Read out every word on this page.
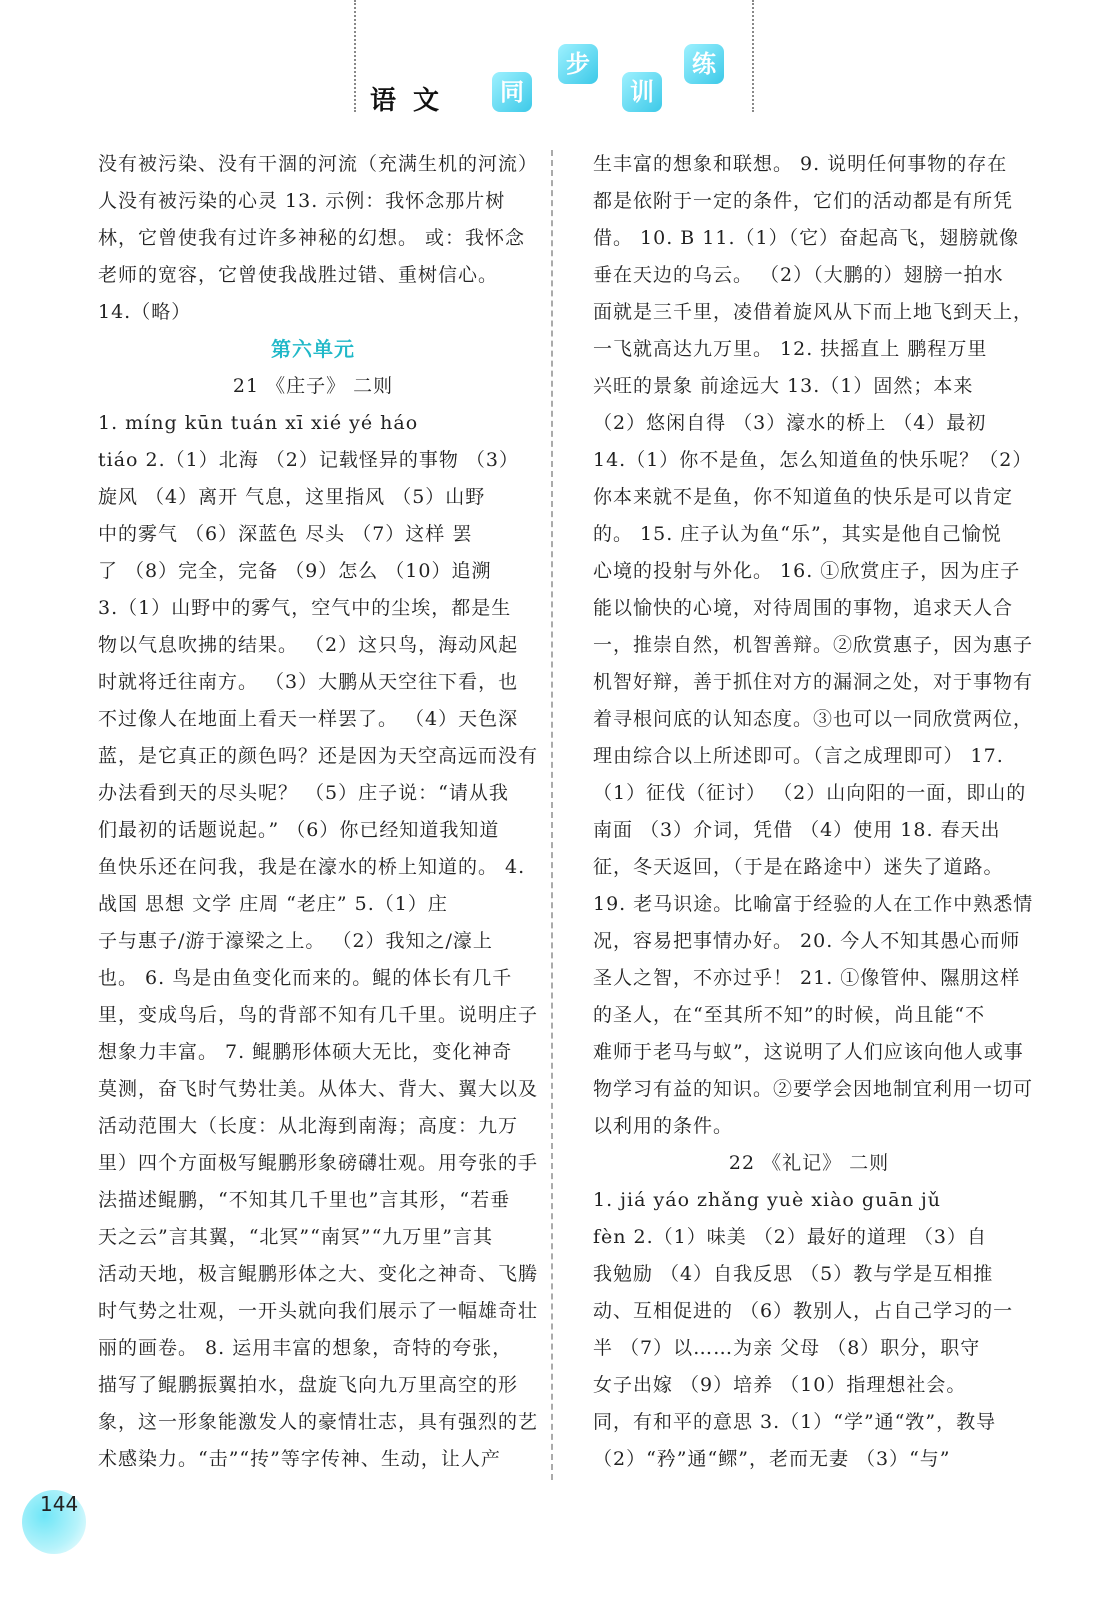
语 文	同
步
训
练
没有被污染、没有干涸的河流（充满生机的河流）
人没有被污染的心灵 13. 示例：我怀念那片树
林，它曾使我有过许多神秘的幻想。 或：我怀念
老师的宽容，它曾使我战胜过错、重树信心。
14.（略）
第六单元
21 《庄子》 二则
1. míng kūn tuán xī xié yé háo
tiáo 2.（1）北海 （2）记载怪异的事物 （3）
旋风 （4）离开 气息，这里指风 （5）山野
中的雾气 （6）深蓝色 尽头 （7）这样 罢
了 （8）完全，完备 （9）怎么 （10）追溯
3.（1）山野中的雾气，空气中的尘埃，都是生
物以气息吹拂的结果。 （2）这只鸟，海动风起
时就将迁往南方。 （3）大鹏从天空往下看，也
不过像人在地面上看天一样罢了。 （4）天色深
蓝，是它真正的颜色吗？还是因为天空高远而没有
办法看到天的尽头呢？ （5）庄子说：“请从我
们最初的话题说起。” （6）你已经知道我知道
鱼快乐还在问我，我是在濠水的桥上知道的。 4.
战国 思想 文学 庄周 “老庄” 5.（1）庄
子与惠子/游于濠梁之上。 （2）我知之/濠上
也。 6. 鸟是由鱼变化而来的。鲲的体长有几千
里，变成鸟后，鸟的背部不知有几千里。说明庄子
想象力丰富。 7. 鲲鹏形体硕大无比，变化神奇
莫测，奋飞时气势壮美。从体大、背大、翼大以及
活动范围大（长度：从北海到南海；高度：九万
里）四个方面极写鲲鹏形象磅礴壮观。用夸张的手
法描述鲲鹏，“不知其几千里也”言其形，“若垂
天之云”言其翼，“北冥”“南冥”“九万里”言其
活动天地，极言鲲鹏形体之大、变化之神奇、飞腾
时气势之壮观，一开头就向我们展示了一幅雄奇壮
丽的画卷。 8. 运用丰富的想象，奇特的夸张，
描写了鲲鹏振翼拍水，盘旋飞向九万里高空的形
象，这一形象能激发人的豪情壮志，具有强烈的艺
术感染力。“击”“抟”等字传神、生动，让人产
生丰富的想象和联想。 9. 说明任何事物的存在
都是依附于一定的条件，它们的活动都是有所凭
借。 10. B 11.（1）（它）奋起高飞，翅膀就像
垂在天边的乌云。 （2）（大鹏的）翅膀一拍水
面就是三千里，凌借着旋风从下而上地飞到天上，
一飞就高达九万里。 12. 扶摇直上 鹏程万里
兴旺的景象 前途远大 13.（1）固然；本来
（2）悠闲自得 （3）濠水的桥上 （4）最初
14.（1）你不是鱼，怎么知道鱼的快乐呢？（2）
你本来就不是鱼，你不知道鱼的快乐是可以肯定
的。 15. 庄子认为鱼“乐”，其实是他自己愉悦
心境的投射与外化。 16. ①欣赏庄子，因为庄子
能以愉快的心境，对待周围的事物，追求天人合
一，推崇自然，机智善辩。②欣赏惠子，因为惠子
机智好辩，善于抓住对方的漏洞之处，对于事物有
着寻根问底的认知态度。③也可以一同欣赏两位，
理由综合以上所述即可。（言之成理即可） 17.
（1）征伐（征讨） （2）山向阳的一面，即山的
南面 （3）介词，凭借 （4）使用 18. 春天出
征，冬天返回，（于是在路途中）迷失了道路。
19. 老马识途。比喻富于经验的人在工作中熟悉情
况，容易把事情办好。 20. 今人不知其愚心而师
圣人之智，不亦过乎！ 21. ①像管仲、隰朋这样
的圣人，在“至其所不知”的时候，尚且能“不
难师于老马与蚁”，这说明了人们应该向他人或事
物学习有益的知识。②要学会因地制宜利用一切可
以利用的条件。
22 《礼记》 二则
1. jiá yáo zhǎng yuè xiào guān jǔ
fèn 2.（1）味美 （2）最好的道理 （3）自
我勉励 （4）自我反思 （5）教与学是互相推
动、互相促进的 （6）教别人，占自己学习的一
半 （7）以……为亲 父母 （8）职分，职守
女子出嫁 （9）培养 （10）指理想社会。
同，有和平的意思 3.（1）“学”通“敩”，教导
（2）“矜”通“鳏”，老而无妻 （3）“与”
144
